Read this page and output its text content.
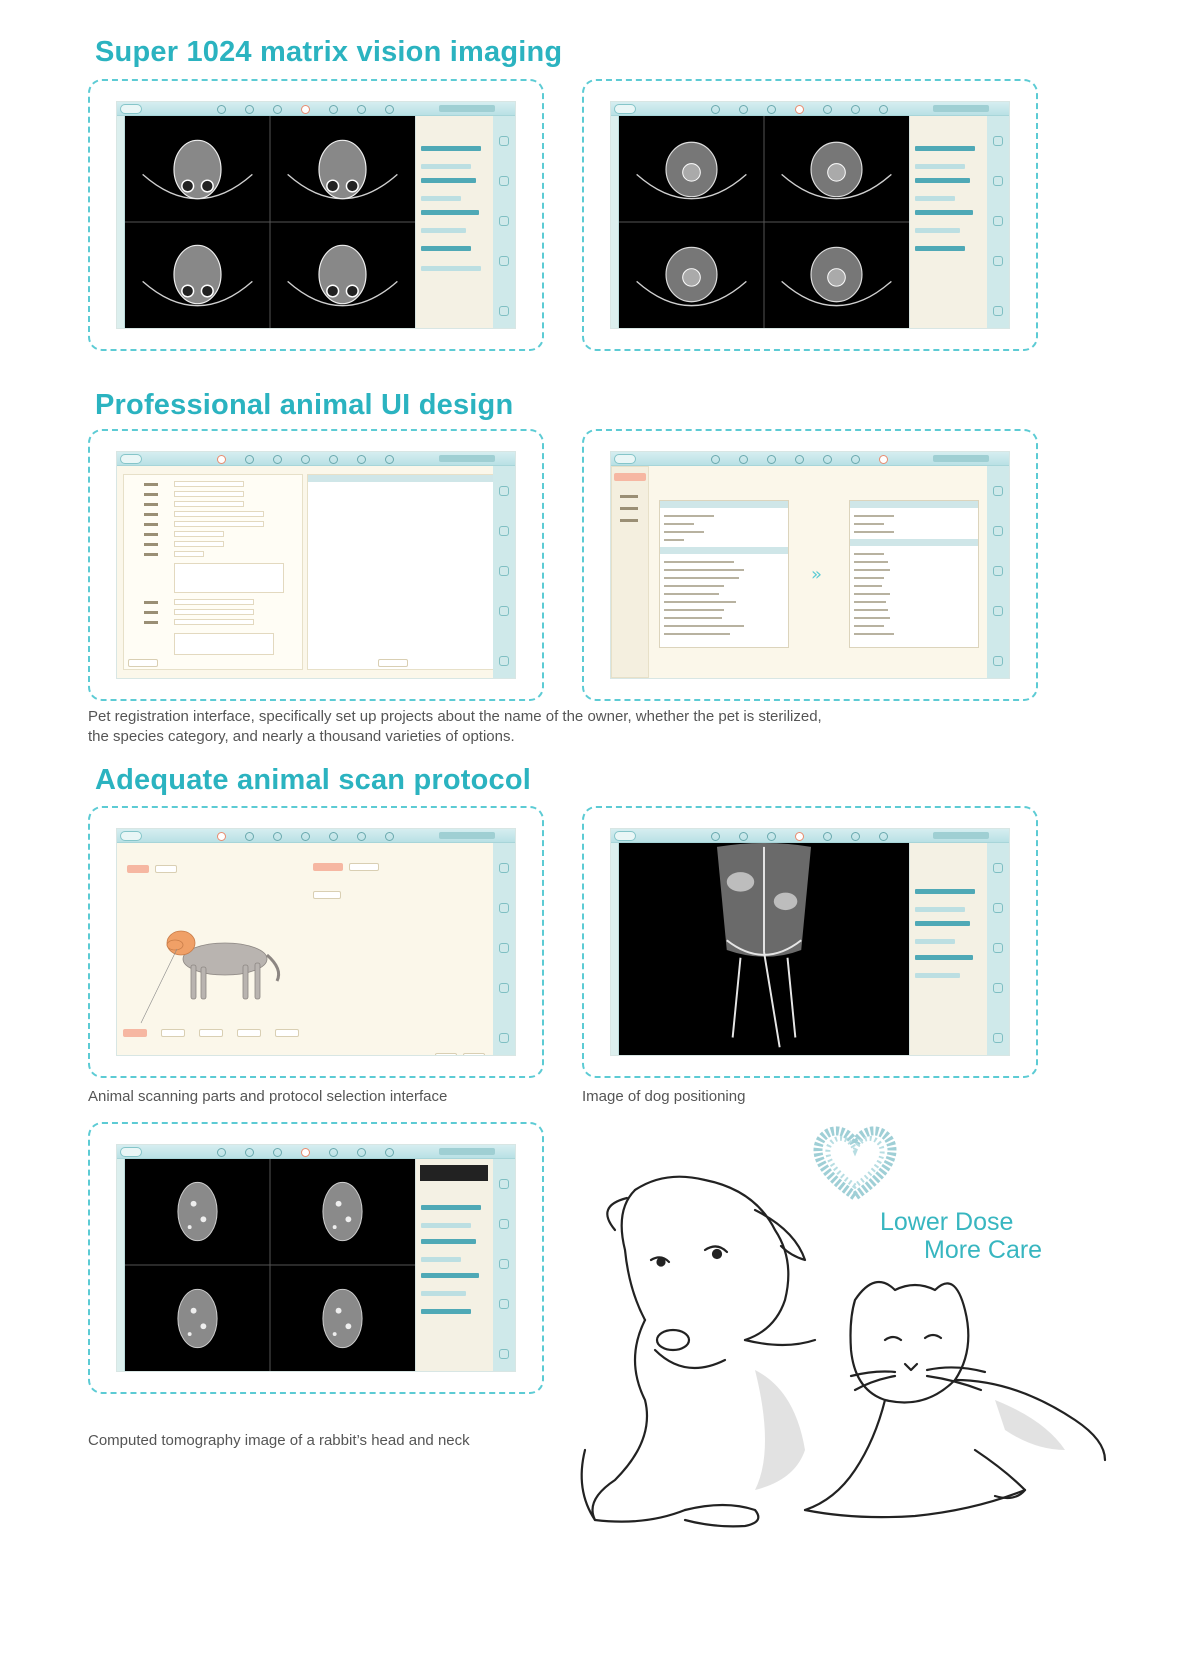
Super 1024 matrix vision imaging
Professional animal UI design
»
Pet registration interface, specifically set up projects about the name of the owner, whether the pet is sterilized,
the species category, and nearly a thousand varieties of options.
Adequate animal scan protocol
Animal scanning parts and protocol selection interface	Image of dog positioning
Computed tomography image of a rabbit’s head and neck
Lower Dose
More Care
